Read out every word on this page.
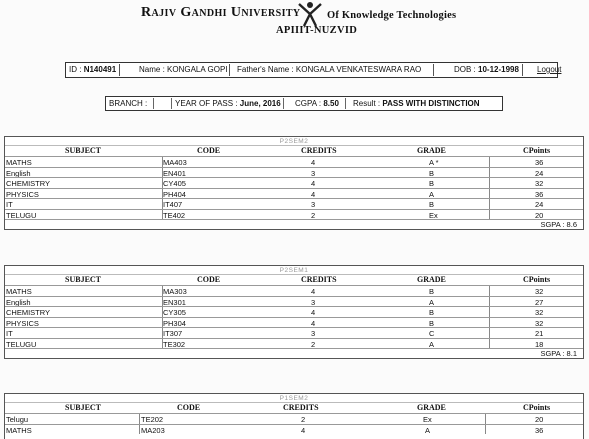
Rajiv Gandhi University	Of Knowledge Technologies
APIIIT-NUZVID
ID : N140491	Name : KONGALA GOPI	Father's Name : KONGALA VENKATESWARA RAO	DOB : 10-12-1998	Logout
BRANCH :	YEAR OF PASS : June, 2016	CGPA : 8.50	Result : PASS WITH DISTINCTION
P2SEM2
SUBJECT	CODE	CREDITS	GRADE	CPoints
MATHS	MA403	4	A *	36
English	EN401	3	B	24
CHEMISTRY	CY405	4	B	32
PHYSICS	PH404	4	A	36
IT	IT407	3	B	24
TELUGU	TE402	2	Ex	20
SGPA : 8.6
P2SEM1
SUBJECT	CODE	CREDITS	GRADE	CPoints
MATHS	MA303	4	B	32
English	EN301	3	A	27
CHEMISTRY	CY305	4	B	32
PHYSICS	PH304	4	B	32
IT	IT307	3	C	21
TELUGU	TE302	2	A	18
SGPA : 8.1
P1SEM2
SUBJECT	CODE	CREDITS	GRADE	CPoints
Telugu	TE202	2	Ex	20
MATHS	MA203	4	A	36
